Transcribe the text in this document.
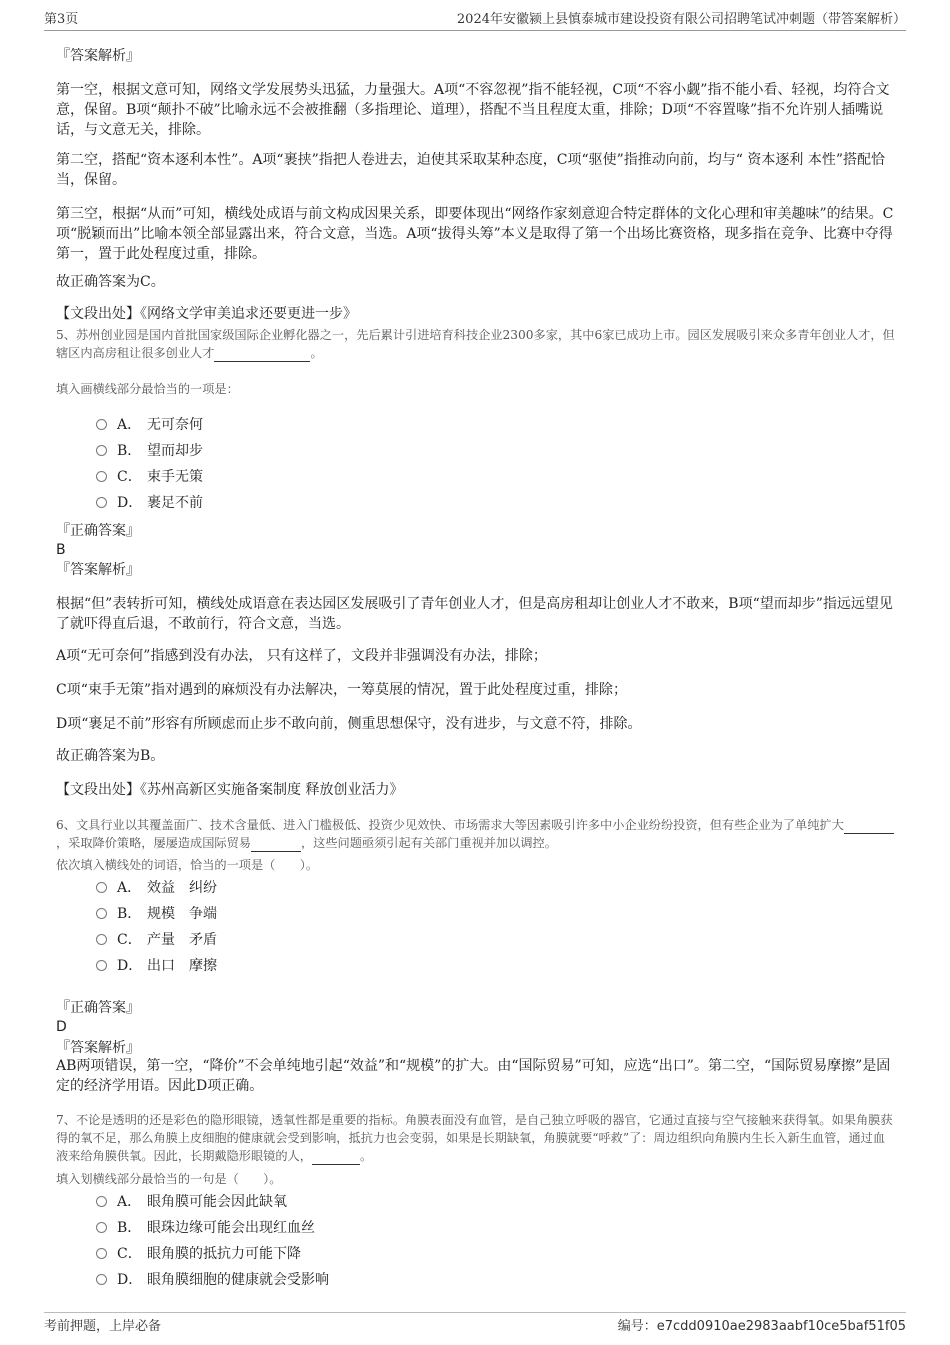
第3页	2024年安徽颍上县慎泰城市建设投资有限公司招聘笔试冲刺题（带答案解析）
『答案解析』

第一空，根据文意可知，网络文学发展势头迅猛，力量强大。A项“不容忽视”指不能轻视，C项“不容小觑”指不能小看、轻视，均符合文意，保留。B项“颠扑不破”比喻永远不会被推翻（多指理论、道理），搭配不当且程度太重，排除；D项“不容置喙”指不允许别人插嘴说话，与文意无关，排除。

第二空，搭配“资本逐利本性”。A项“裹挟”指把人卷进去，迫使其采取某种态度，C项“驱使”指推动向前，均与“ 资本逐利 本性”搭配恰当，保留。

第三空，根据“从而”可知，横线处成语与前文构成因果关系，即要体现出“网络作家刻意迎合特定群体的文化心理和审美趣味”的结果。C项“脱颖而出”比喻本领全部显露出来，符合文意，当选。A项“拔得头筹”本义是取得了第一个出场比赛资格，现多指在竞争、比赛中夺得第一，置于此处程度过重，排除。

故正确答案为C。

【文段出处】《网络文学审美追求还要更进一步》

5、苏州创业园是国内首批国家级国际企业孵化器之一，先后累计引进培育科技企业2300多家，其中6家已成功上市。园区发展吸引来众多青年创业人才，但辖区内高房租让很多创业人才	。

填入画横线部分最恰当的一项是：

A． 无可奈何
B． 望而却步
C． 束手无策
D． 裹足不前
『正确答案』
B
『答案解析』

根据“但”表转折可知，横线处成语意在表达园区发展吸引了青年创业人才，但是高房租却让创业人才不敢来，B项“望而却步”指远远望见了就吓得直后退，不敢前行，符合文意，当选。

A项“无可奈何”指感到没有办法， 只有这样了，文段并非强调没有办法，排除；

C项“束手无策”指对遇到的麻烦没有办法解决，一筹莫展的情况，置于此处程度过重，排除；

D项“裹足不前”形容有所顾虑而止步不敢向前，侧重思想保守，没有进步，与文意不符，排除。

故正确答案为B。

【文段出处】《苏州高新区实施备案制度 释放创业活力》

6、文具行业以其覆盖面广、技术含量低、进入门槛极低、投资少见效快、市场需求大等因素吸引许多中小企业纷纷投资，但有些企业为了单纯扩大，采取降价策略，屡屡造成国际贸易	，这些问题亟须引起有关部门重视并加以调控。

依次填入横线处的词语，恰当的一项是（　　）。

A． 效益　纠纷
B． 规模　争端
C． 产量　矛盾
D． 出口　摩擦
『正确答案』
D
『答案解析』

AB两项错误，第一空，“降价”不会单纯地引起“效益”和“规模”的扩大。由“国际贸易”可知，应选“出口”。第二空，“国际贸易摩擦”是固定的经济学用语。因此D项正确。

7、不论是透明的还是彩色的隐形眼镜，透氧性都是重要的指标。角膜表面没有血管，是自己独立呼吸的器官，它通过直接与空气接触来获得氧。如果角膜获得的氧不足，那么角膜上皮细胞的健康就会受到影响，抵抗力也会变弱，如果是长期缺氧，角膜就要“呼救”了：周边组织向角膜内生长入新生血管，通过血液来给角膜供氧。因此，长期戴隐形眼镜的人，	。

填入划横线部分最恰当的一句是（　　）。

A． 眼角膜可能会因此缺氧
B． 眼珠边缘可能会出现红血丝
C． 眼角膜的抵抗力可能下降
D． 眼角膜细胞的健康就会受影响
考前押题，上岸必备	编号：e7cdd0910ae2983aabf10ce5baf51f05
